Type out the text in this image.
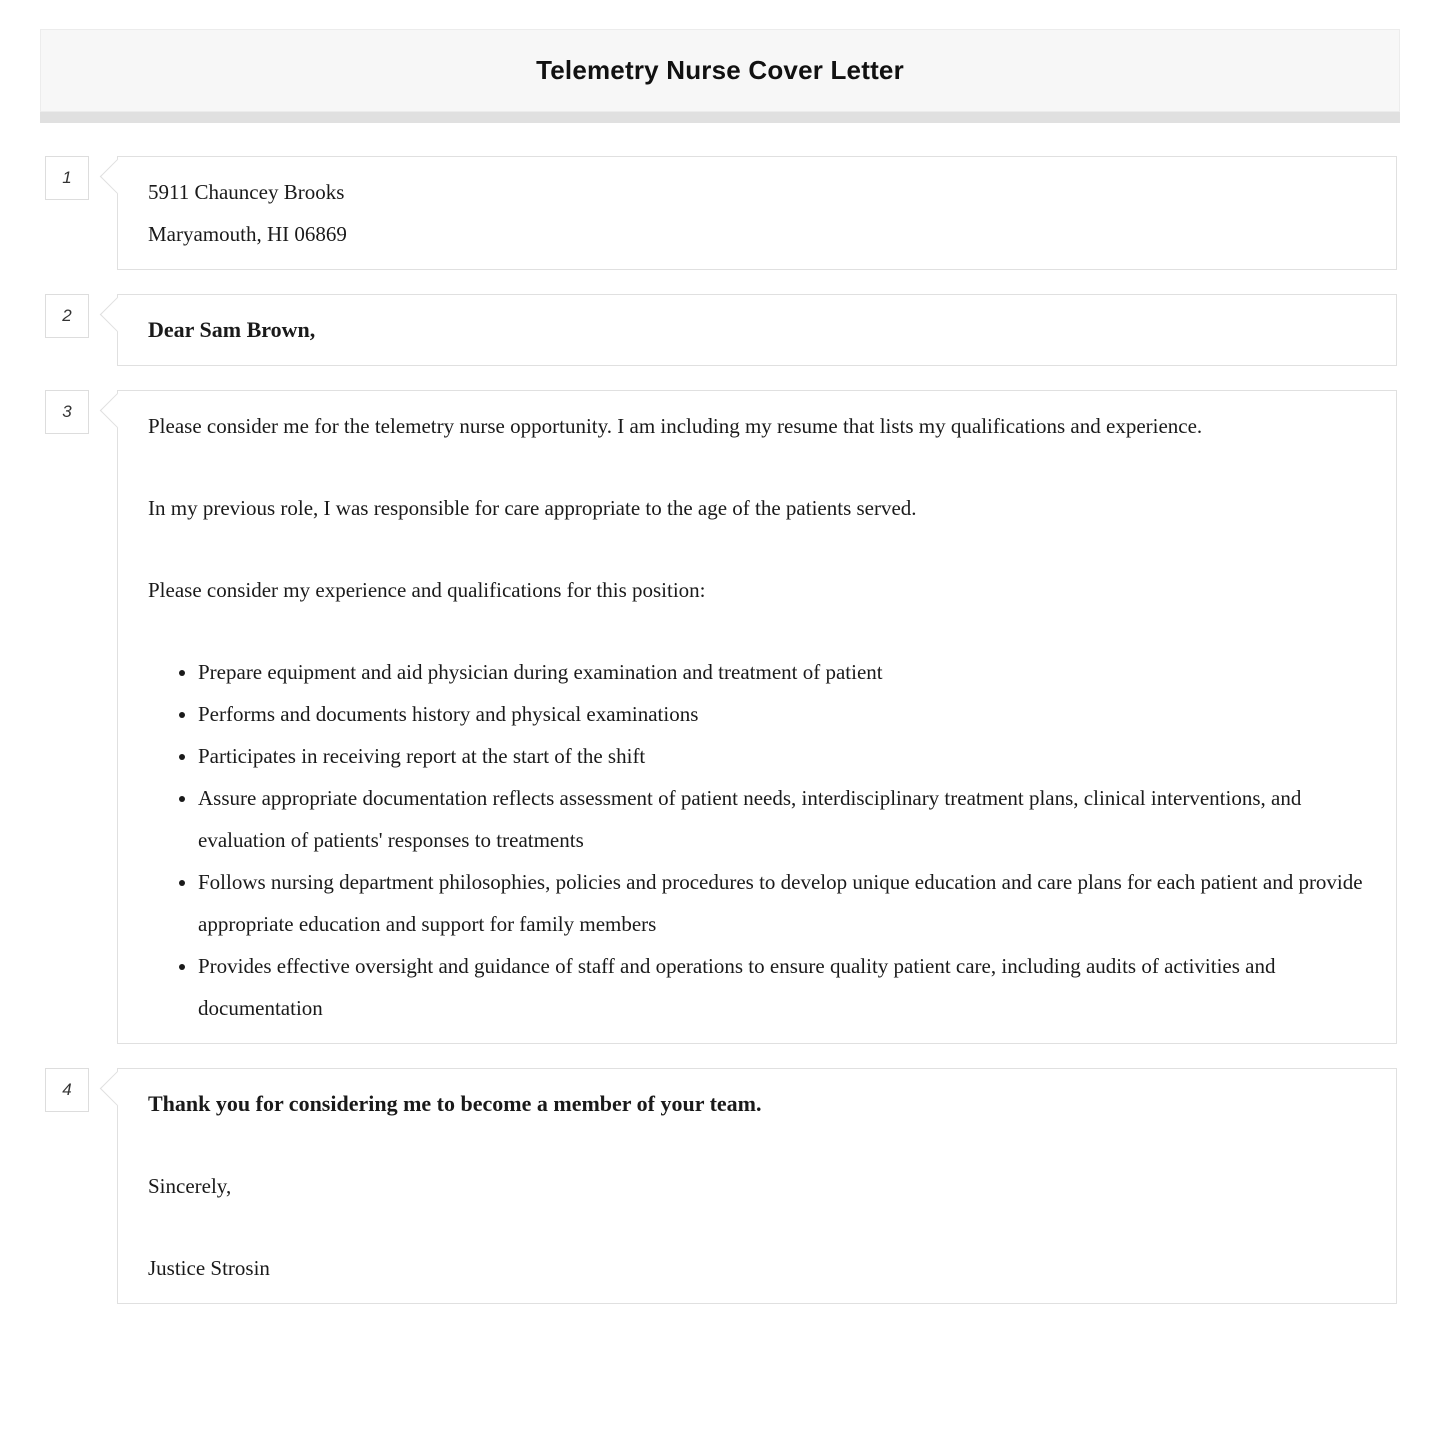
Telemetry Nurse Cover Letter
1

5911 Chauncey Brooks

Maryamouth, HI 06869

2

Dear Sam Brown,

3

Please consider me for the telemetry nurse opportunity. I am including my resume that lists my qualifications and experience.

In my previous role, I was responsible for care appropriate to the age of the patients served.

Please consider my experience and qualifications for this position:

• Prepare equipment and aid physician during examination and treatment of patient
• Performs and documents history and physical examinations
• Participates in receiving report at the start of the shift
• Assure appropriate documentation reflects assessment of patient needs, interdisciplinary treatment plans, clinical interventions, and evaluation of patients' responses to treatments
• Follows nursing department philosophies, policies and procedures to develop unique education and care plans for each patient and provide appropriate education and support for family members
• Provides effective oversight and guidance of staff and operations to ensure quality patient care, including audits of activities and documentation
4

Thank you for considering me to become a member of your team.

Sincerely,

Justice Strosin
